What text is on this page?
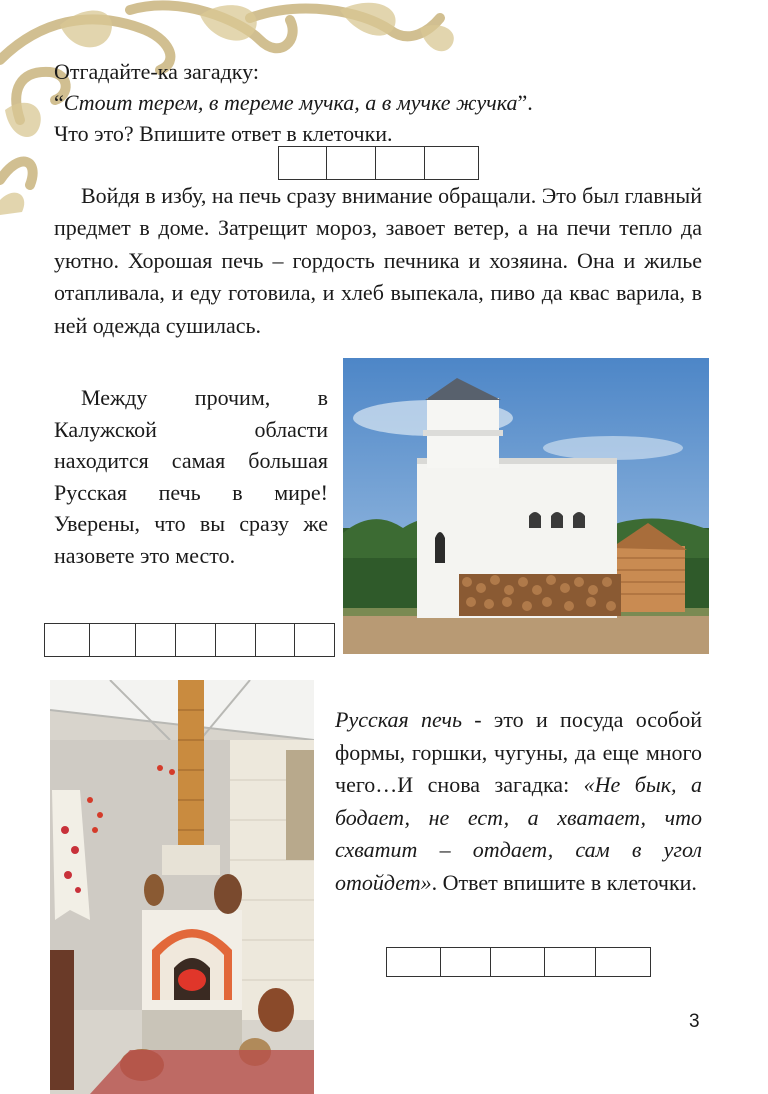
Отгадайте-ка загадку:
“Стоит терем, в тереме мучка, а в мучке жучка”.
Что это? Впишите ответ в клеточки.

Войдя в избу, на печь сразу внимание обращали. Это был главный предмет в доме. Затрещит мороз, завоет ветер, а на печи тепло да уютно. Хорошая печь – гордость печника и хозяина. Она и жилье отапливала, и еду готовила, и хлеб выпекала, пиво да квас варила, в ней одежда сушилась.

Между прочим, в Калужской области находится самая большая Русская печь в мире! Уверены, что вы сразу же назовете это место.

Русская печь - это и посуда особой формы, горшки, чугуны, да еще много чего…И снова загадка: «Не бык, а бодает, не ест, а хватает, что схватит – отдает, сам в угол отойдет». Ответ впишите в клеточки.
3
